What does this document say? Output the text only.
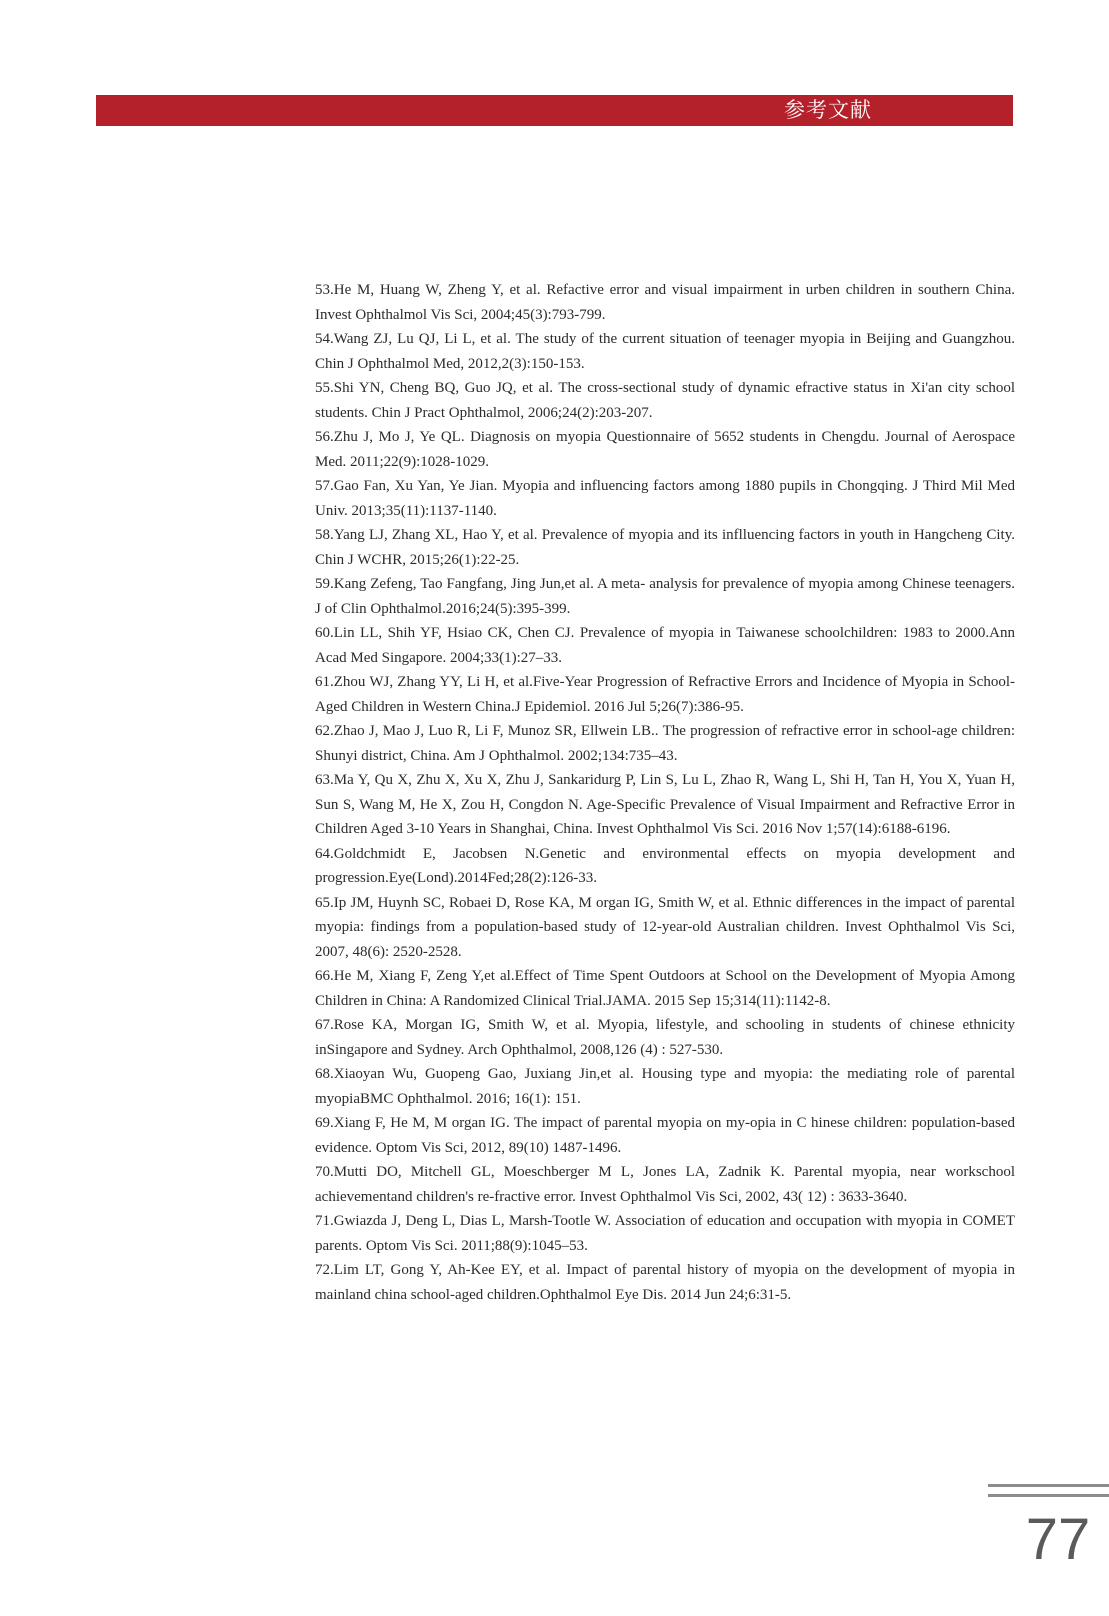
参考文献
53.He M, Huang W, Zheng Y, et al. Refactive error and visual impairment in urben children in southern China. Invest Ophthalmol Vis Sci, 2004;45(3):793-799.
54.Wang ZJ, Lu QJ, Li L, et al. The study of the current situation of teenager myopia in Beijing and Guangzhou. Chin J Ophthalmol Med, 2012,2(3):150-153.
55.Shi YN, Cheng BQ, Guo JQ, et al. The cross-sectional study of dynamic efractive status in Xi'an city school students. Chin J Pract Ophthalmol, 2006;24(2):203-207.
56.Zhu J, Mo J, Ye QL. Diagnosis on myopia Questionnaire of 5652 students in Chengdu. Journal of Aerospace Med. 2011;22(9):1028-1029.
57.Gao Fan, Xu Yan, Ye Jian. Myopia and influencing factors among 1880 pupils in Chongqing. J Third Mil Med Univ. 2013;35(11):1137-1140.
58.Yang LJ, Zhang XL, Hao Y, et al. Prevalence of myopia and its inflluencing factors in youth in Hangcheng City. Chin J WCHR, 2015;26(1):22-25.
59.Kang Zefeng, Tao Fangfang, Jing Jun,et al. A meta- analysis for prevalence of myopia among Chinese teenagers. J of Clin Ophthalmol.2016;24(5):395-399.
60.Lin LL, Shih YF, Hsiao CK, Chen CJ. Prevalence of myopia in Taiwanese schoolchildren: 1983 to 2000.Ann Acad Med Singapore. 2004;33(1):27–33.
61.Zhou WJ, Zhang YY, Li H, et al.Five-Year Progression of Refractive Errors and Incidence of Myopia in School-Aged Children in Western China.J Epidemiol. 2016 Jul 5;26(7):386-95.
62.Zhao J, Mao J, Luo R, Li F, Munoz SR, Ellwein LB.. The progression of refractive error in school-age children: Shunyi district, China. Am J Ophthalmol. 2002;134:735–43.
63.Ma Y, Qu X, Zhu X, Xu X, Zhu J, Sankaridurg P, Lin S, Lu L, Zhao R, Wang L, Shi H, Tan H, You X, Yuan H, Sun S, Wang M, He X, Zou H, Congdon N. Age-Specific Prevalence of Visual Impairment and Refractive Error in Children Aged 3-10 Years in Shanghai, China. Invest Ophthalmol Vis Sci. 2016 Nov 1;57(14):6188-6196.
64.Goldchmidt E, Jacobsen N.Genetic and environmental effects on myopia development and progression.Eye(Lond).2014Fed;28(2):126-33.
65.Ip JM, Huynh SC, Robaei D, Rose KA, M organ IG, Smith W, et al. Ethnic differences in the impact of parental myopia: findings from a population-based study of 12-year-old Australian children. Invest Ophthalmol Vis Sci, 2007, 48(6): 2520-2528.
66.He M, Xiang F, Zeng Y,et al.Effect of Time Spent Outdoors at School on the Development of Myopia Among Children in China: A Randomized Clinical Trial.JAMA. 2015 Sep 15;314(11):1142-8.
67.Rose KA, Morgan IG, Smith W, et al. Myopia, lifestyle, and schooling in students of chinese ethnicity inSingapore and Sydney. Arch Ophthalmol, 2008,126 (4) : 527-530.
68.Xiaoyan Wu, Guopeng Gao, Juxiang Jin,et al. Housing type and myopia: the mediating role of parental myopiaBMC Ophthalmol. 2016; 16(1): 151.
69.Xiang F, He M, M organ IG. The impact of parental myopia on my-opia in C hinese children: population-based evidence. Optom Vis Sci, 2012, 89(10) 1487-1496.
70.Mutti DO, Mitchell GL, Moeschberger M L, Jones LA, Zadnik K. Parental myopia, near workschool achievementand children's re-fractive error. Invest Ophthalmol Vis Sci, 2002, 43( 12) : 3633-3640.
71.Gwiazda J, Deng L, Dias L, Marsh-Tootle W. Association of education and occupation with myopia in COMET parents. Optom Vis Sci. 2011;88(9):1045–53.
72.Lim LT, Gong Y, Ah-Kee EY, et al. Impact of parental history of myopia on the development of myopia in mainland china school-aged children.Ophthalmol Eye Dis. 2014 Jun 24;6:31-5.
77
